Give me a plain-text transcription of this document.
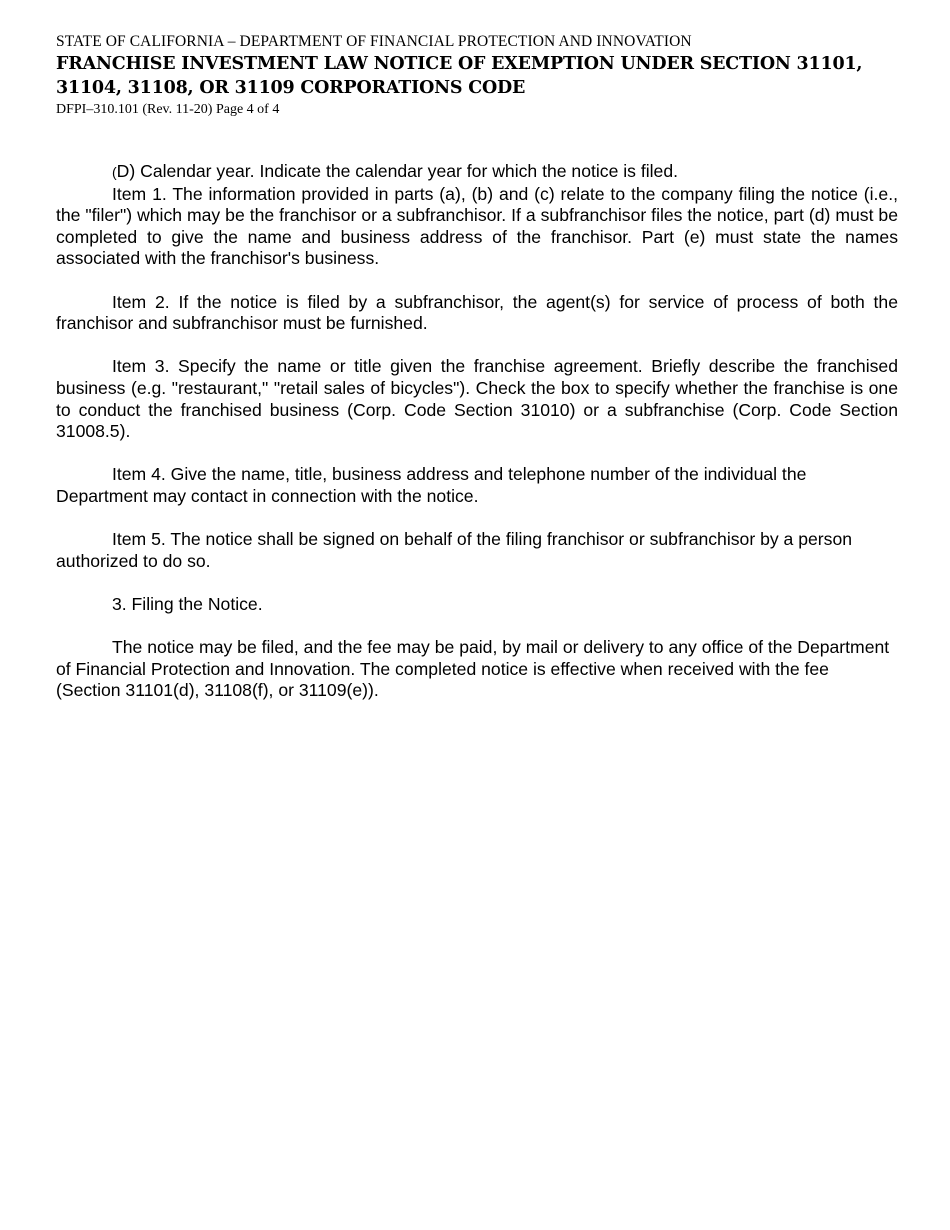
STATE OF CALIFORNIA – DEPARTMENT OF FINANCIAL PROTECTION AND INNOVATION

FRANCHISE INVESTMENT LAW NOTICE OF EXEMPTION UNDER SECTION 31101, 31104, 31108, OR 31109 CORPORATIONS CODE

DFPI–310.101 (Rev. 11-20) Page 4 of 4

(D) Calendar year. Indicate the calendar year for which the notice is filed.

Item 1. The information provided in parts (a), (b) and (c) relate to the company filing the notice (i.e., the "filer") which may be the franchisor or a subfranchisor. If a subfranchisor files the notice, part (d) must be completed to give the name and business address of the franchisor. Part (e) must state the names associated with the franchisor's business.

Item 2. If the notice is filed by a subfranchisor, the agent(s) for service of process of both the franchisor and subfranchisor must be furnished.

Item 3. Specify the name or title given the franchise agreement. Briefly describe the franchised business (e.g. "restaurant," "retail sales of bicycles"). Check the box to specify whether the franchise is one to conduct the franchised business (Corp. Code Section 31010) or a subfranchise (Corp. Code Section 31008.5).

Item 4. Give the name, title, business address and telephone number of the individual the Department may contact in connection with the notice.

Item 5. The notice shall be signed on behalf of the filing franchisor or subfranchisor by a person authorized to do so.

3. Filing the Notice.

The notice may be filed, and the fee may be paid, by mail or delivery to any office of the Department of Financial Protection and Innovation. The completed notice is effective when received with the fee (Section 31101(d), 31108(f), or 31109(e)).
